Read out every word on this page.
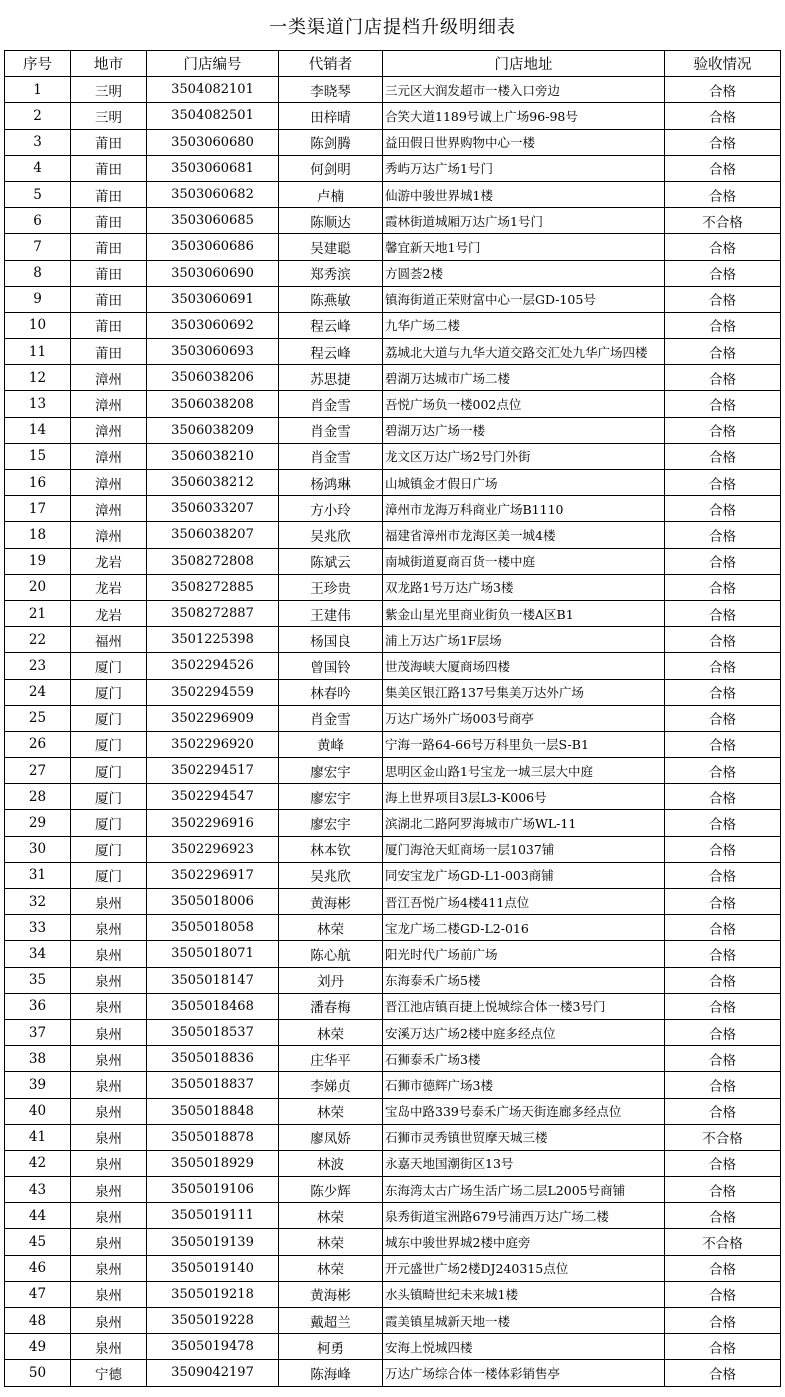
一类渠道门店提档升级明细表
序号	地市	门店编号	代销者	门店地址	验收情况
1	三明	3504082101	李晓琴	三元区大润发超市一楼入口旁边	合格
2	三明	3504082501	田梓晴	合笑大道1189号诚上广场96-98号	合格
3	莆田	3503060680	陈剑腾	益田假日世界购物中心一楼	合格
4	莆田	3503060681	何剑明	秀屿万达广场1号门	合格
5	莆田	3503060682	卢楠	仙游中骏世界城1楼	合格
6	莆田	3503060685	陈顺达	霞林街道城厢万达广场1号门	不合格
7	莆田	3503060686	吴建聪	馨宜新天地1号门	合格
8	莆田	3503060690	郑秀滨	方圆荟2楼	合格
9	莆田	3503060691	陈燕敏	镇海街道正荣财富中心一层GD-105号	合格
10	莆田	3503060692	程云峰	九华广场二楼	合格
11	莆田	3503060693	程云峰	荔城北大道与九华大道交路交汇处九华广场四楼	合格
12	漳州	3506038206	苏思捷	碧湖万达城市广场二楼	合格
13	漳州	3506038208	肖金雪	吾悦广场负一楼002点位	合格
14	漳州	3506038209	肖金雪	碧湖万达广场一楼	合格
15	漳州	3506038210	肖金雪	龙文区万达广场2号门外街	合格
16	漳州	3506038212	杨鸿琳	山城镇金才假日广场	合格
17	漳州	3506033207	方小玲	漳州市龙海万科商业广场B1110	合格
18	漳州	3506038207	吴兆欣	福建省漳州市龙海区美一城4楼	合格
19	龙岩	3508272808	陈斌云	南城街道夏商百货一楼中庭	合格
20	龙岩	3508272885	王珍贵	双龙路1号万达广场3楼	合格
21	龙岩	3508272887	王建伟	紫金山星光里商业街负一楼A区B1	合格
22	福州	3501225398	杨国良	浦上万达广场1F层场	合格
23	厦门	3502294526	曾国铃	世茂海峡大厦商场四楼	合格
24	厦门	3502294559	林春吟	集美区银江路137号集美万达外广场	合格
25	厦门	3502296909	肖金雪	万达广场外广场003号商亭	合格
26	厦门	3502296920	黄峰	宁海一路64-66号万科里负一层S-B1	合格
27	厦门	3502294517	廖宏宇	思明区金山路1号宝龙一城三层大中庭	合格
28	厦门	3502294547	廖宏宇	海上世界项目3层L3-K006号	合格
29	厦门	3502296916	廖宏宇	滨湖北二路阿罗海城市广场WL-11	合格
30	厦门	3502296923	林本钦	厦门海沧天虹商场一层1037铺	合格
31	厦门	3502296917	吴兆欣	同安宝龙广场GD-L1-003商铺	合格
32	泉州	3505018006	黄海彬	晋江吾悦广场4楼411点位	合格
33	泉州	3505018058	林荣	宝龙广场二楼GD-L2-016	合格
34	泉州	3505018071	陈心航	阳光时代广场前广场	合格
35	泉州	3505018147	刘丹	东海泰禾广场5楼	合格
36	泉州	3505018468	潘春梅	晋江池店镇百捷上悦城综合体一楼3号门	合格
37	泉州	3505018537	林荣	安溪万达广场2楼中庭多经点位	合格
38	泉州	3505018836	庄华平	石狮泰禾广场3楼	合格
39	泉州	3505018837	李娣贞	石狮市德辉广场3楼	合格
40	泉州	3505018848	林荣	宝岛中路339号泰禾广场天街连廊多经点位	合格
41	泉州	3505018878	廖凤娇	石狮市灵秀镇世贸摩天城三楼	不合格
42	泉州	3505018929	林波	永嘉天地国潮街区13号	合格
43	泉州	3505019106	陈少辉	东海湾太古广场生活广场二层L2005号商铺	合格
44	泉州	3505019111	林荣	泉秀街道宝洲路679号浦西万达广场二楼	合格
45	泉州	3505019139	林荣	城东中骏世界城2楼中庭旁	不合格
46	泉州	3505019140	林荣	开元盛世广场2楼DJ240315点位	合格
47	泉州	3505019218	黄海彬	水头镇畸世纪未来城1楼	合格
48	泉州	3505019228	戴超兰	霞美镇星城新天地一楼	合格
49	泉州	3505019478	柯勇	安海上悦城四楼	合格
50	宁德	3509042197	陈海峰	万达广场综合体一楼体彩销售亭	合格
